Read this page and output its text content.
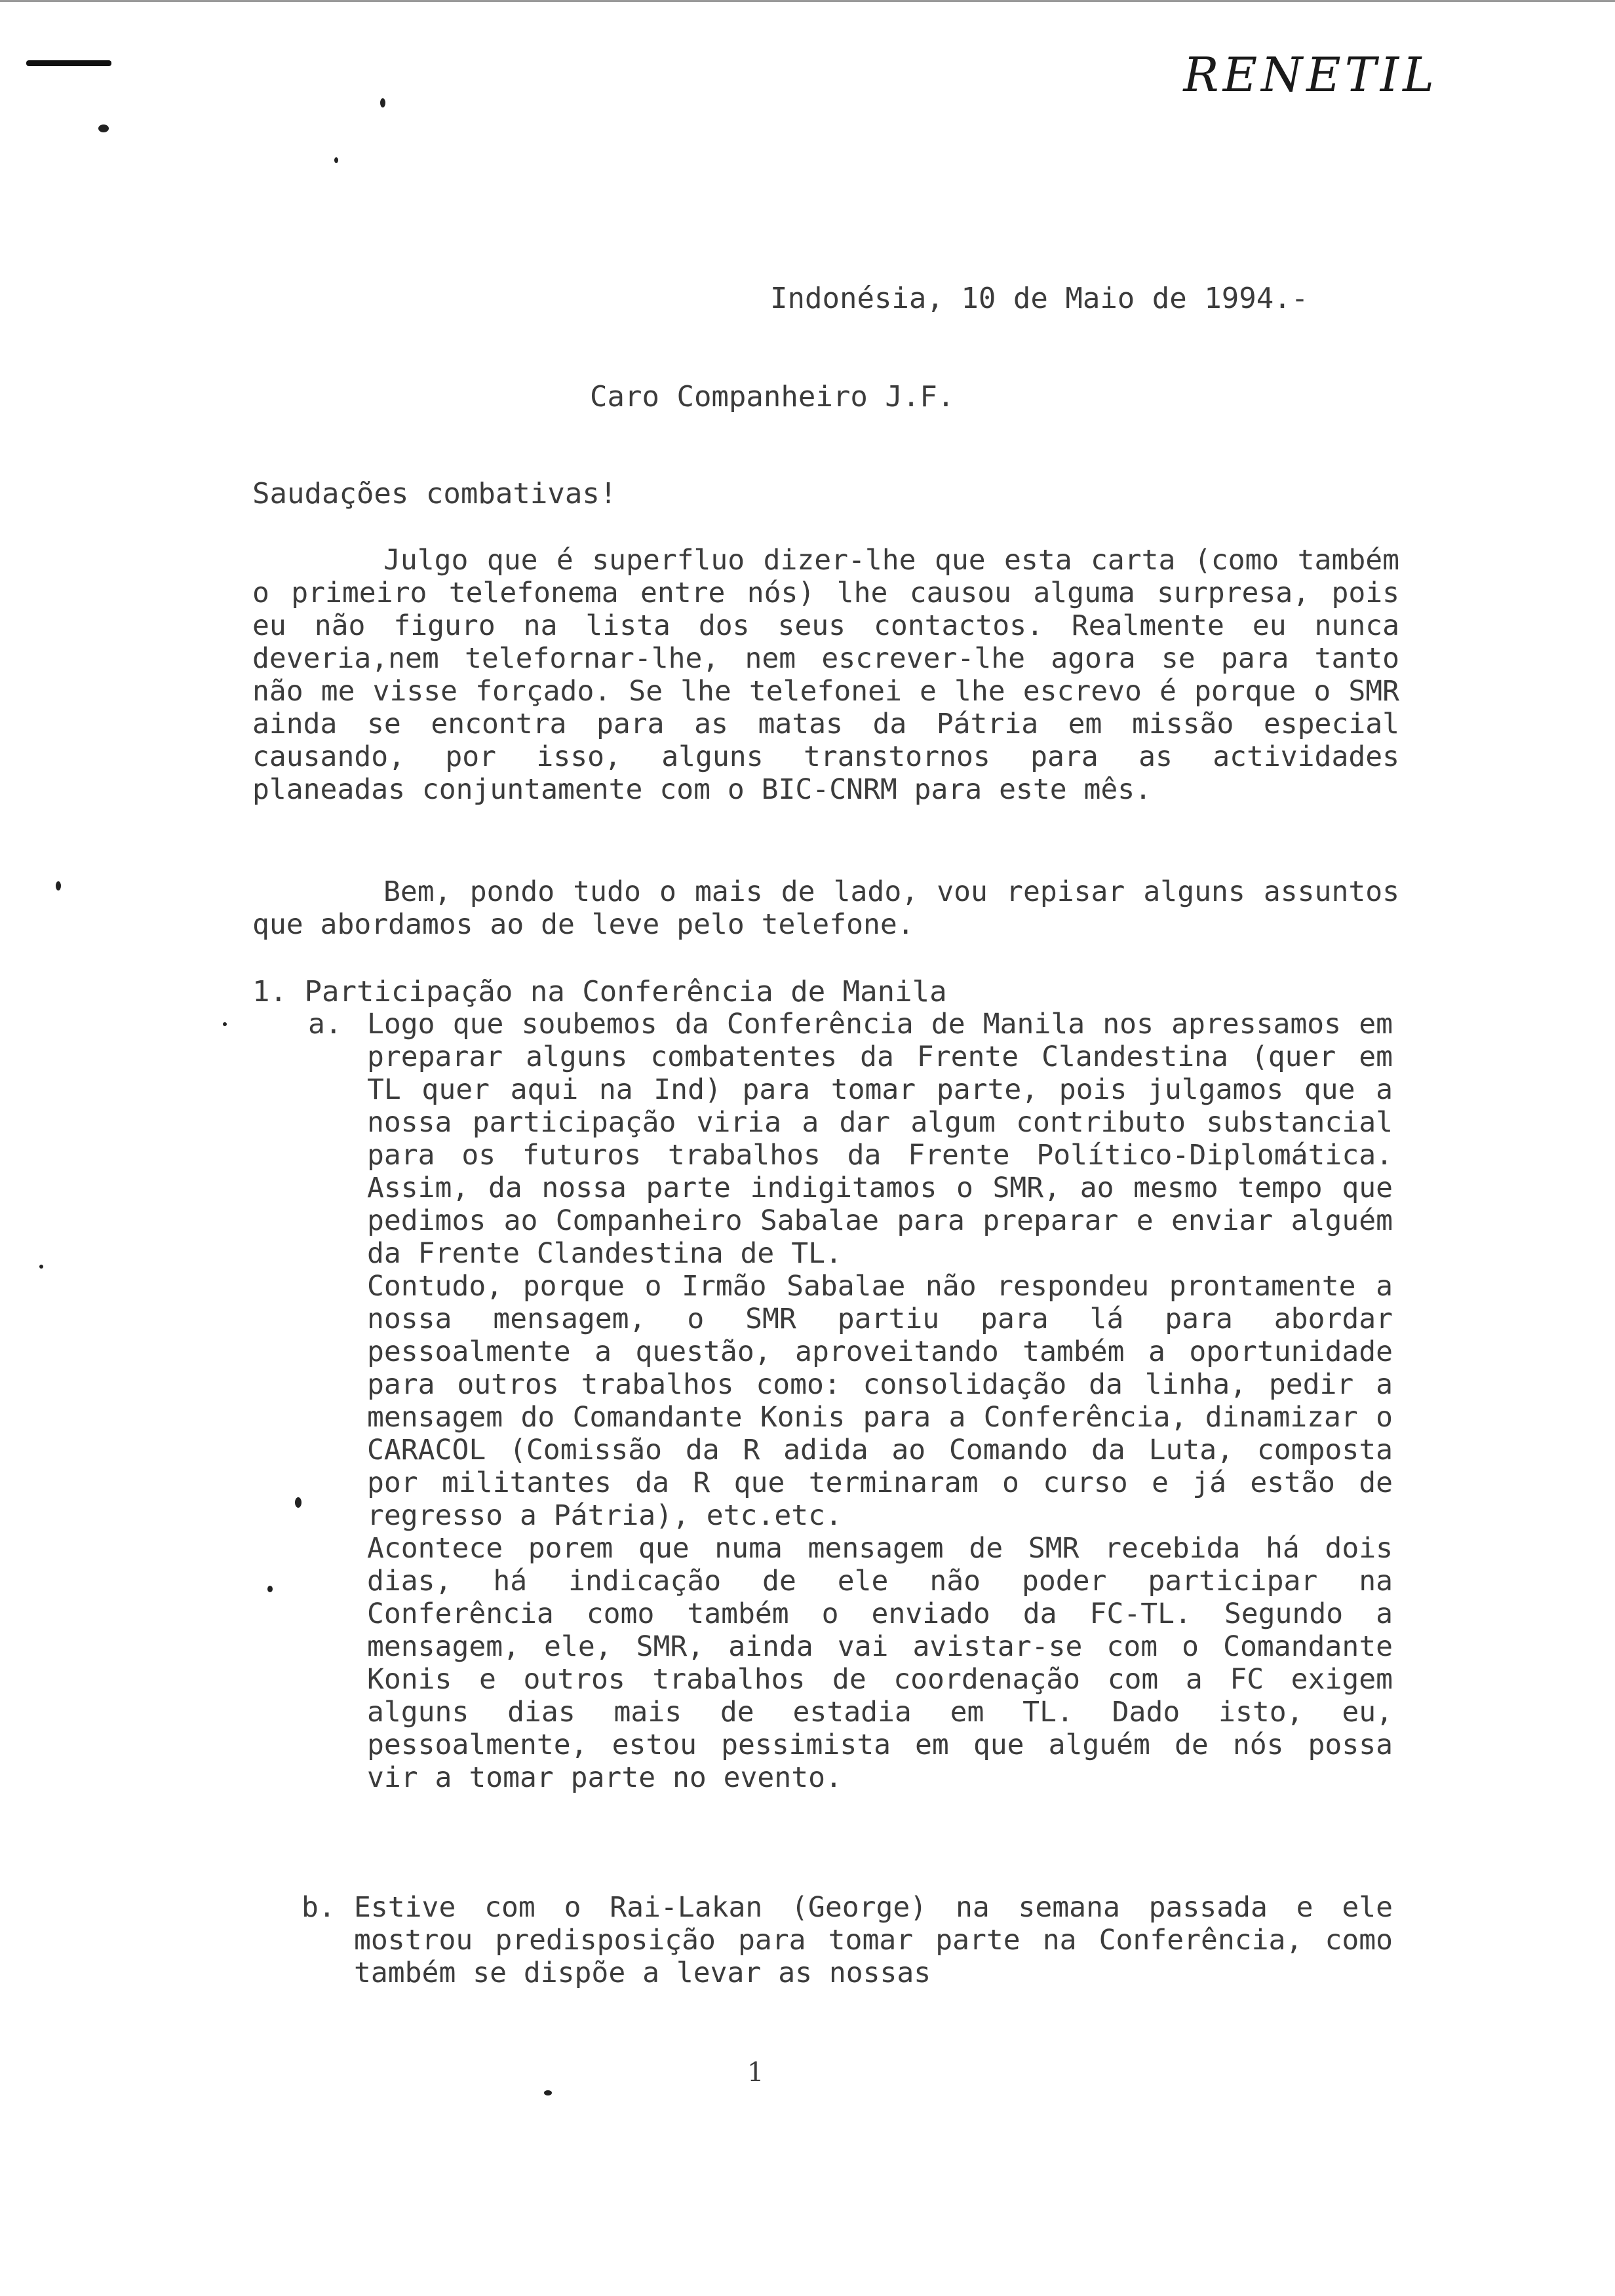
RENETIL
Indonésia, 10 de Maio de 1994.-
Caro Companheiro J.F.
Saudações combativas!
Julgo que é superfluo dizer-lhe que esta carta (como também o primeiro telefonema entre nós) lhe causou alguma surpresa, pois eu não figuro na lista dos seus contactos. Realmente eu nunca deveria,nem telefornar-lhe, nem escrever-lhe agora se para tanto não me visse forçado. Se lhe telefonei e lhe escrevo é porque o SMR ainda se encontra para as matas da Pátria em missão especial causando, por isso, alguns transtornos para as actividades planeadas conjuntamente com o BIC-CNRM para este mês.
Bem, pondo tudo o mais de lado, vou repisar alguns assuntos que abordamos ao de leve pelo telefone.
1. Participação na Conferência de Manila
a. Logo que soubemos da Conferência de Manila nos apressamos em preparar alguns combatentes da Frente Clandestina (quer em TL quer aqui na Ind) para tomar parte, pois julgamos que a nossa participação viria a dar algum contributo substancial para os futuros trabalhos da Frente Político-Diplomática. Assim, da nossa parte indigitamos o SMR, ao mesmo tempo que pedimos ao Companheiro Sabalae para preparar e enviar alguém da Frente Clandestina de TL.

Contudo, porque o Irmão Sabalae não respondeu prontamente a nossa mensagem, o SMR partiu para lá para abordar pessoalmente a questão, aproveitando também a oportunidade para outros trabalhos como: consolidação da linha, pedir a mensagem do Comandante Konis para a Conferência, dinamizar o CARACOL (Comissão da R adida ao Comando da Luta, composta por militantes da R que terminaram o curso e já estão de regresso a Pátria), etc.etc.

Acontece porem que numa mensagem de SMR recebida há dois dias, há indicação de ele não poder participar na Conferência como também o enviado da FC-TL. Segundo a mensagem, ele, SMR, ainda vai avistar-se com o Comandante Konis e outros trabalhos de coordenação com a FC exigem alguns dias mais de estadia em TL. Dado isto, eu, pessoalmente, estou pessimista em que alguém de nós possa vir a tomar parte no evento.

b. Estive com o Rai-Lakan (George) na semana passada e ele mostrou predisposição para tomar parte na Conferência, como também se dispõe a levar as nossas

1
